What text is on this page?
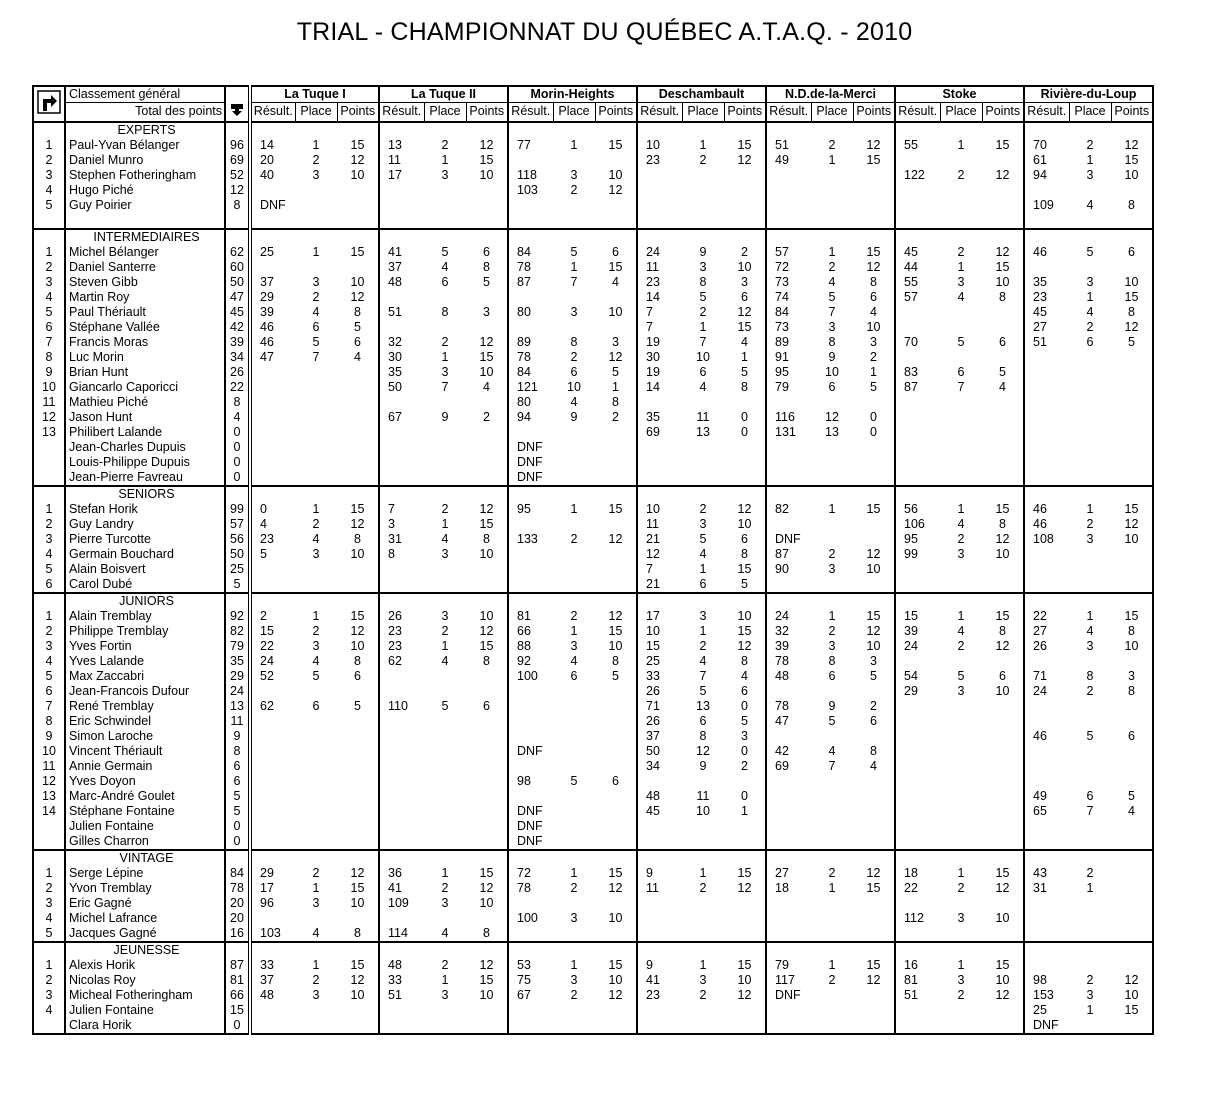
TRIAL - CHAMPIONNAT DU QUÉBEC A.T.A.Q. - 2010
	Classement général		La Tuque I			La Tuque II			Morin-Heights			Deschambault			N.D.de-la-Merci			Stoke			Rivière-du-Loup		
	Total des points		Résult.	Place	Points	Résult.	Place	Points	Résult.	Place	Points	Résult.	Place	Points	Résult.	Place	Points	Résult.	Place	Points	Résult.	Place	Points
	EXPERTS																						
1	Paul-Yvan Bélanger	96	14	1	15	13	2	12	77	1	15	10	1	15	51	2	12	55	1	15	70	2	12
2	Daniel Munro	69	20	2	12	11	1	15				23	2	12	49	1	15				61	1	15
3	Stephen Fotheringham	52	40	3	10	17	3	10	118	3	10							122	2	12	94	3	10
4	Hugo Piché	12							103	2	12												
5	Guy Poirier	8	DNF																		109	4	8

	INTERMEDIAIRES																						
1	Michel Bélanger	62	25	1	15	41	5	6	84	5	6	24	9	2	57	1	15	45	2	12	46	5	6
2	Daniel Santerre	60				37	4	8	78	1	15	11	3	10	72	2	12	44	1	15			
3	Steven Gibb	50	37	3	10	48	6	5	87	7	4	23	8	3	73	4	8	55	3	10	35	3	10
4	Martin Roy	47	29	2	12							14	5	6	74	5	6	57	4	8	23	1	15
5	Paul Thériault	45	39	4	8	51	8	3	80	3	10	7	2	12	84	7	4				45	4	8
6	Stéphane Vallée	42	46	6	5							7	1	15	73	3	10				27	2	12
7	Francis Moras	39	46	5	6	32	2	12	89	8	3	19	7	4	89	8	3	70	5	6	51	6	5
8	Luc Morin	34	47	7	4	30	1	15	78	2	12	30	10	1	91	9	2						
9	Brian Hunt	26				35	3	10	84	6	5	19	6	5	95	10	1	83	6	5			
10	Giancarlo Caporicci	22				50	7	4	121	10	1	14	4	8	79	6	5	87	7	4			
11	Mathieu Piché	8							80	4	8												
12	Jason Hunt	4				67	9	2	94	9	2	35	11	0	116	12	0						
13	Philibert Lalande	0										69	13	0	131	13	0						
	Jean-Charles Dupuis	0							DNF														
	Louis-Philippe Dupuis	0							DNF														
	Jean-Pierre Favreau	0							DNF														
	SENIORS																						
1	Stefan Horik	99	0	1	15	7	2	12	95	1	15	10	2	12	82	1	15	56	1	15	46	1	15
2	Guy Landry	57	4	2	12	3	1	15				11	3	10				106	4	8	46	2	12
3	Pierre Turcotte	56	23	4	8	31	4	8	133	2	12	21	5	6	DNF			95	2	12	108	3	10
4	Germain Bouchard	50	5	3	10	8	3	10				12	4	8	87	2	12	99	3	10			
5	Alain Boisvert	25										7	1	15	90	3	10						
6	Carol Dubé	5										21	6	5									
	JUNIORS																						
1	Alain Tremblay	92	2	1	15	26	3	10	81	2	12	17	3	10	24	1	15	15	1	15	22	1	15
2	Philippe Tremblay	82	15	2	12	23	2	12	66	1	15	10	1	15	32	2	12	39	4	8	27	4	8
3	Yves Fortin	79	22	3	10	23	1	15	88	3	10	15	2	12	39	3	10	24	2	12	26	3	10
4	Yves Lalande	35	24	4	8	62	4	8	92	4	8	25	4	8	78	8	3						
5	Max Zaccabri	29	52	5	6				100	6	5	33	7	4	48	6	5	54	5	6	71	8	3
6	Jean-Francois Dufour	24										26	5	6				29	3	10	24	2	8
7	René Tremblay	13	62	6	5	110	5	6				71	13	0	78	9	2						
8	Eric Schwindel	11										26	6	5	47	5	6						
9	Simon Laroche	9										37	8	3							46	5	6
10	Vincent Thériault	8							DNF			50	12	0	42	4	8						
11	Annie Germain	6										34	9	2	69	7	4						
12	Yves Doyon	6							98	5	6												
13	Marc-André Goulet	5										48	11	0							49	6	5
14	Stéphane Fontaine	5							DNF			45	10	1							65	7	4
	Julien Fontaine	0							DNF														
	Gilles Charron	0							DNF														
	VINTAGE																						
1	Serge Lépine	84	29	2	12	36	1	15	72	1	15	9	1	15	27	2	12	18	1	15	43	2	
2	Yvon Tremblay	78	17	1	15	41	2	12	78	2	12	11	2	12	18	1	15	22	2	12	31	1	
3	Eric Gagné	20	96	3	10	109	3	10															
4	Michel Lafrance	20							100	3	10							112	3	10			
5	Jacques Gagné	16	103	4	8	114	4	8															
	JEUNESSE																						
1	Alexis Horik	87	33	1	15	48	2	12	53	1	15	9	1	15	79	1	15	16	1	15			
2	Nicolas Roy	81	37	2	12	33	1	15	75	3	10	41	3	10	117	2	12	81	3	10	98	2	12
3	Micheal Fotheringham	66	48	3	10	51	3	10	67	2	12	23	2	12	DNF			51	2	12	153	3	10
4	Julien Fontaine	15																			25	1	15
	Clara Horik	0																			DNF		
